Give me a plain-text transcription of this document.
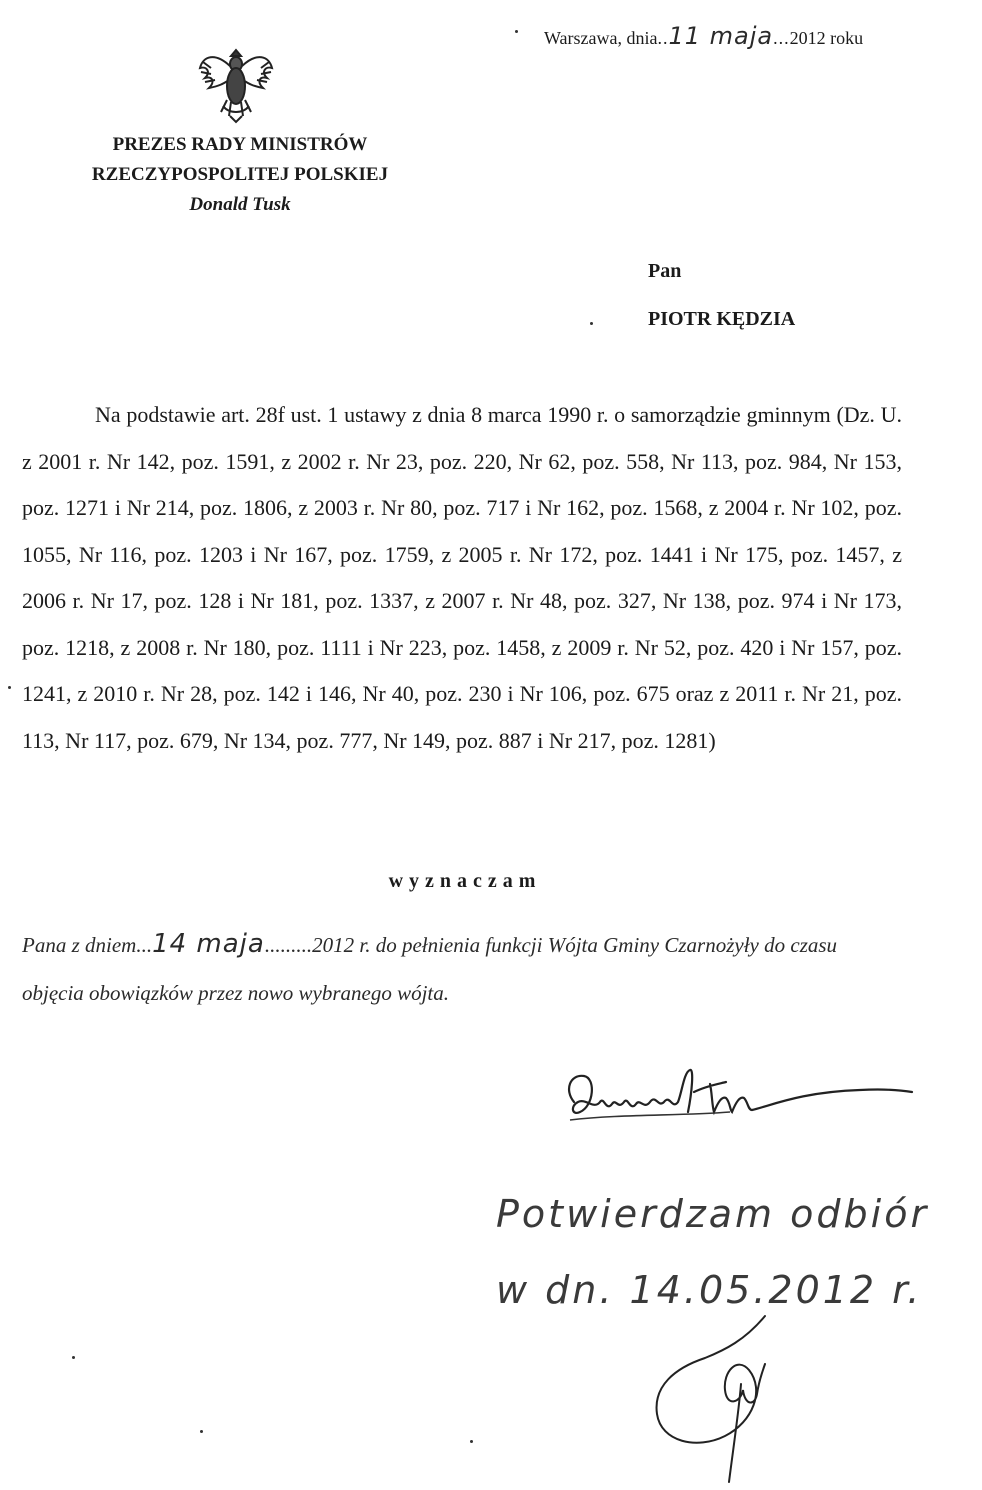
Warszawa, dnia..11 maja...2012 roku
PREZES RADY MINISTRÓW
RZECZYPOSPOLITEJ POLSKIEJ
Donald Tusk
Pan
PIOTR KĘDZIA
Na podstawie art. 28f ust. 1 ustawy z dnia 8 marca 1990 r. o samorządzie gminnym (Dz. U. z 2001 r. Nr 142, poz. 1591, z 2002 r. Nr 23, poz. 220, Nr 62, poz. 558, Nr 113, poz. 984, Nr 153, poz. 1271 i Nr 214, poz. 1806, z 2003 r. Nr 80, poz. 717 i Nr 162, poz. 1568, z 2004 r. Nr 102, poz. 1055, Nr 116, poz. 1203 i Nr 167, poz. 1759, z 2005 r. Nr 172, poz. 1441 i Nr 175, poz. 1457, z 2006 r. Nr 17, poz. 128 i Nr 181, poz. 1337, z 2007 r. Nr 48, poz. 327, Nr 138, poz. 974 i Nr 173, poz. 1218, z 2008 r. Nr 180, poz. 1111 i Nr 223, poz. 1458, z 2009 r. Nr 52, poz. 420 i Nr 157, poz. 1241, z 2010 r. Nr 28, poz. 142 i 146, Nr 40, poz. 230 i Nr 106, poz. 675 oraz z 2011 r. Nr 21, poz. 113, Nr 117, poz. 679, Nr 134, poz. 777, Nr 149, poz. 887 i Nr 217, poz. 1281)
wyznaczam
Pana z dniem...14 maja.........2012 r. do pełnienia funkcji Wójta Gminy Czarnożyły do czasu objęcia obowiązków przez nowo wybranego wójta.
Donald Tusk
Potwierdzam odbiór
w dn. 14.05.2012 r.
PK
